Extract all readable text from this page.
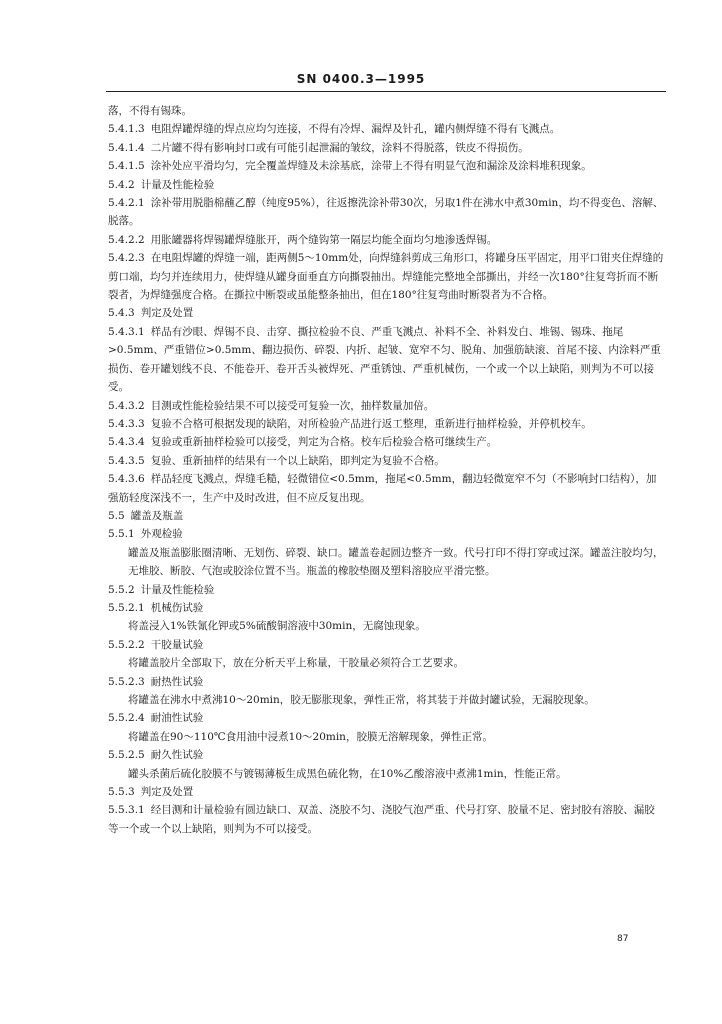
SN 0400.3—1995

落，不得有锡珠。

5.4.1.3 电阻焊罐焊缝的焊点应均匀连接，不得有冷焊、漏焊及针孔，罐内侧焊缝不得有飞溅点。

5.4.1.4 二片罐不得有影响封口或有可能引起泄漏的皱纹，涂料不得脱落，铁皮不得损伤。

5.4.1.5 涂补处应平滑均匀，完全覆盖焊缝及未涂基底，涂带上不得有明显气泡和漏涂及涂料堆积现象。

5.4.2 计量及性能检验

5.4.2.1 涂补带用脱脂棉蘸乙醇（纯度95%），往返擦洗涂补带30次，另取1件在沸水中煮30min，均不得变色、溶解、脱落。

5.4.2.2 用胀罐器将焊锡罐焊缝胀开，两个缝钩第一隔层均能全面均匀地渗透焊锡。

5.4.2.3 在电阻焊罐的焊缝一端，距两侧5～10mm处，向焊缝斜剪成三角形口，将罐身压平固定，用平口钳夹住焊缝的剪口端，均匀并连续用力，使焊缝从罐身面垂直方向撕裂抽出。焊缝能完整地全部撕出，并经一次180°往复弯折而不断裂者，为焊缝强度合格。在撕拉中断裂或虽能整条抽出，但在180°往复弯曲时断裂者为不合格。

5.4.3 判定及处置

5.4.3.1 样品有沙眼、焊锡不良、击穿、撕拉检验不良、严重飞溅点、补料不全、补料发白、堆锡、锡珠、拖尾>0.5mm、严重错位>0.5mm、翻边损伤、碎裂、内折、起皱、宽窄不匀、脱角、加强筋缺滚、首尾不接、内涂料严重损伤、卷开罐划线不良、不能卷开、卷开舌头被焊死、严重锈蚀、严重机械伤，一个或一个以上缺陷，则判为不可以接受。

5.4.3.2 目测或性能检验结果不可以接受可复验一次，抽样数量加倍。

5.4.3.3 复验不合格可根据发现的缺陷，对所检验产品进行返工整理，重新进行抽样检验，并停机校车。

5.4.3.4 复验或重新抽样检验可以接受，判定为合格。校车后检验合格可继续生产。

5.4.3.5 复验、重新抽样的结果有一个以上缺陷，即判定为复验不合格。

5.4.3.6 样品轻度飞溅点，焊缝毛糙，轻微错位<0.5mm，拖尾<0.5mm，翻边轻微宽窄不匀（不影响封口结构），加强筋轻度深浅不一，生产中及时改进，但不应反复出现。

5.5 罐盖及瓶盖

5.5.1 外观检验

罐盖及瓶盖膨胀圈清晰、无划伤、碎裂、缺口。罐盖卷起圆边整齐一致。代号打印不得打穿或过深。罐盖注胶均匀，无堆胶、断胶、气泡或胶涂位置不当。瓶盖的橡胶垫圈及塑料溶胶应平滑完整。

5.5.2 计量及性能检验

5.5.2.1 机械伤试验

将盖浸入1%铁氰化钾或5%硫酸铜溶液中30min，无腐蚀现象。

5.5.2.2 干胶量试验

将罐盖胶片全部取下，放在分析天平上称量，干胶量必须符合工艺要求。

5.5.2.3 耐热性试验

将罐盖在沸水中煮沸10～20min，胶无膨胀现象，弹性正常，将其装于并做封罐试验，无漏胶现象。

5.5.2.4 耐油性试验

将罐盖在90～110℃食用油中浸煮10～20min，胶膜无溶解现象，弹性正常。

5.5.2.5 耐久性试验

罐头杀菌后硫化胶膜不与镀锡薄板生成黑色硫化物，在10%乙酸溶液中煮沸1min，性能正常。

5.5.3 判定及处置

5.5.3.1 经目测和计量检验有圆边缺口、双盖、浇胶不匀、浇胶气泡严重、代号打穿、胶量不足、密封胶有溶胶、漏胶等一个或一个以上缺陷，则判为不可以接受。

87
